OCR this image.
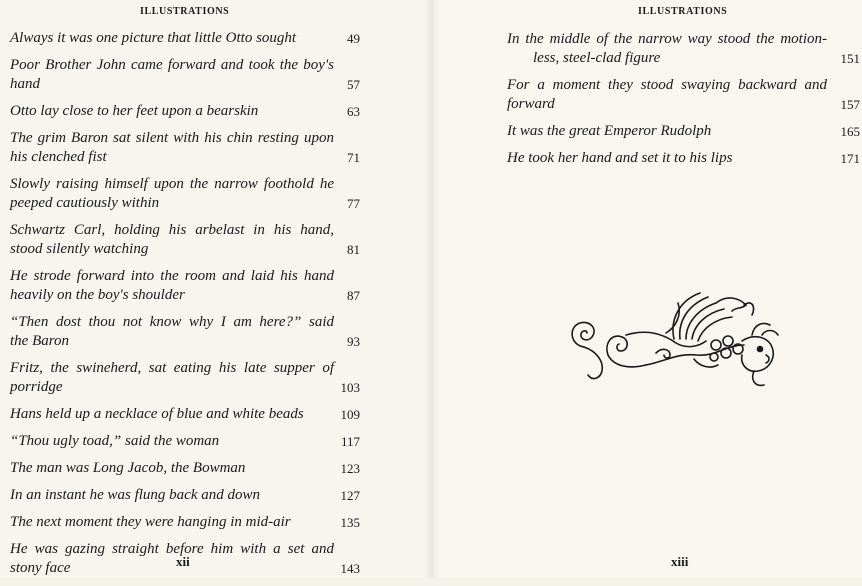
ILLUSTRATIONS
Always it was one picture that little Otto sought	49
Poor Brother John came forward and took the boy's
hand	57
Otto lay close to her feet upon a bearskin	63
The grim Baron sat silent with his chin resting upon
his clenched fist	71
Slowly raising himself upon the narrow foothold he
peeped cautiously within	77
Schwartz Carl, holding his arbelast in his hand,
stood silently watching	81
He strode forward into the room and laid his hand
heavily on the boy's shoulder	87
“Then dost thou not know why I am here?” said
the Baron	93
Fritz, the swineherd, sat eating his late supper of
porridge	103
Hans held up a necklace of blue and white beads	109
“Thou ugly toad,” said the woman	117
The man was Long Jacob, the Bowman	123
In an instant he was flung back and down	127
The next moment they were hanging in mid-air	135
He was gazing straight before him with a set and
stony face	143
xii
ILLUSTRATIONS
In the middle of the narrow way stood the motion-
less, steel-clad figure	151
For a moment they stood swaying backward and
forward	157
It was the great Emperor Rudolph	165
He took her hand and set it to his lips	171
xiii
